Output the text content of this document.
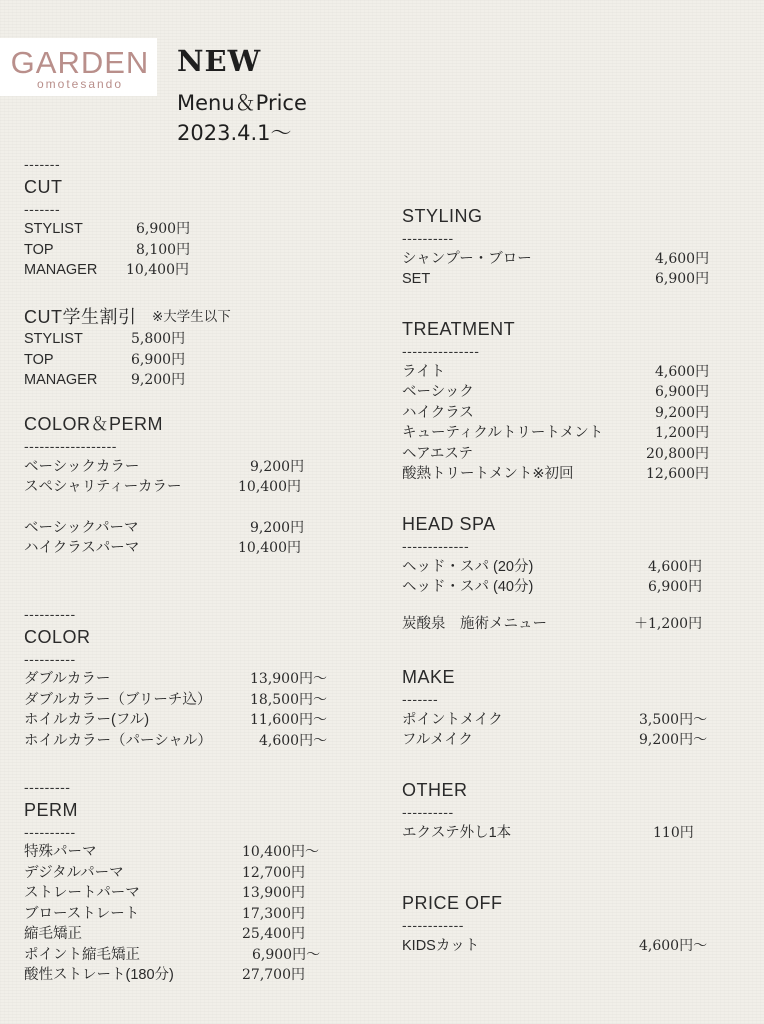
GARDEN
omotesando
NEW
Menu＆Price
2023.4.1～
-------
CUT
-------
STYLIST	6,900円
TOP	8,100円
MANAGER 10,400円
CUT学生割引 ※大学生以下
STYLIST	5,800円
TOP	6,900円
MANAGER 9,200円
COLOR＆PERM
------------------
ベーシックカラー	9,200円
スペシャリティーカラー	10,400円
ベーシックパーマ	9,200円
ハイクラスパーマ	10,400円
----------
COLOR
----------
ダブルカラー	13,900円～
ダブルカラー（ブリーチ込）	18,500円～
ホイルカラー(フル)	11,600円～
ホイルカラー（パーシャル）	4,600円～
---------
PERM
----------
特殊パーマ	10,400円～
デジタルパーマ	12,700円
ストレートパーマ	13,900円
ブローストレート	17,300円
縮毛矯正	25,400円
ポイント縮毛矯正	6,900円～
酸性ストレート(180分)	27,700円
STYLING
----------
シャンプー・ブロー	4,600円
SET	6,900円
TREATMENT
---------------
ライト	4,600円
ベーシック	6,900円
ハイクラス	9,200円
キューティクルトリートメント	1,200円
ヘアエステ	20,800円
酸熱トリートメント※初回	12,600円
HEAD SPA
-------------
ヘッド・スパ (20分)	4,600円
ヘッド・スパ (40分)	6,900円
炭酸泉　施術メニュー	＋1,200円
MAKE
-------
ポイントメイク	3,500円～
フルメイク	9,200円～
OTHER
----------
エクステ外し1本	110円
PRICE OFF
------------
KIDSカット	4,600円～
